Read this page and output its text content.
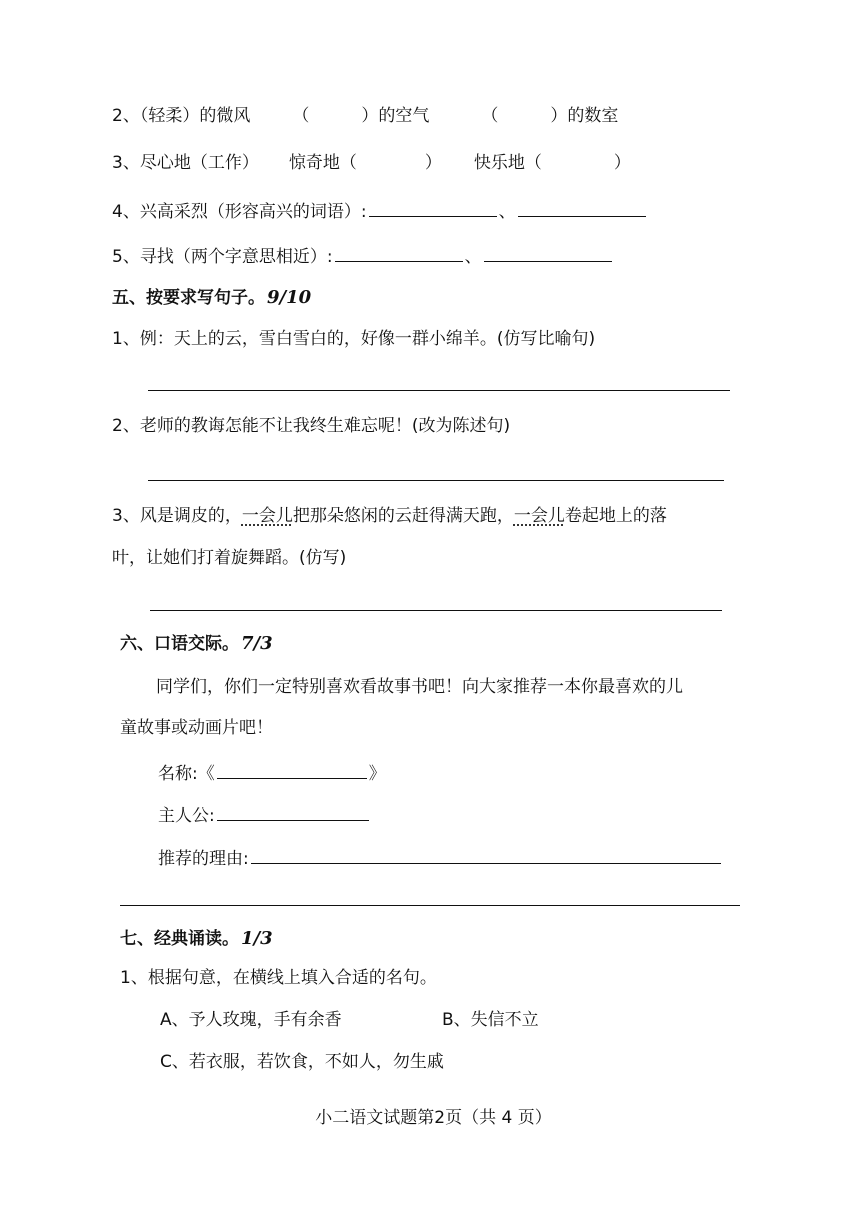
2、（轻柔）的微风 （	）的空气	（	）的数室
3、尽心地（工作） 惊奇地（	） 快乐地（	）
4、兴高采烈（形容高兴的词语）:	、
5、寻找（两个字意思相近）:	、
五、按要求写句子。 9/10
1、例：天上的云，雪白雪白的，好像一群小绵羊。(仿写比喻句)
2、老师的教诲怎能不让我终生难忘呢！(改为陈述句)
3、风是调皮的，一会儿把那朵悠闲的云赶得满天跑，一会儿卷起地上的落
叶，让她们打着旋舞蹈。(仿写)
六、口语交际。 7/3
同学们，你们一定特别喜欢看故事书吧！向大家推荐一本你最喜欢的儿
童故事或动画片吧！
名称:《	》
主人公:
推荐的理由:
七、经典诵读。 1/3
1、根据句意，在横线上填入合适的名句。
A、予人玫瑰，手有余香	B、失信不立
C、若衣服，若饮食，不如人，勿生戚
小二语文试题第2页（共 4 页）
